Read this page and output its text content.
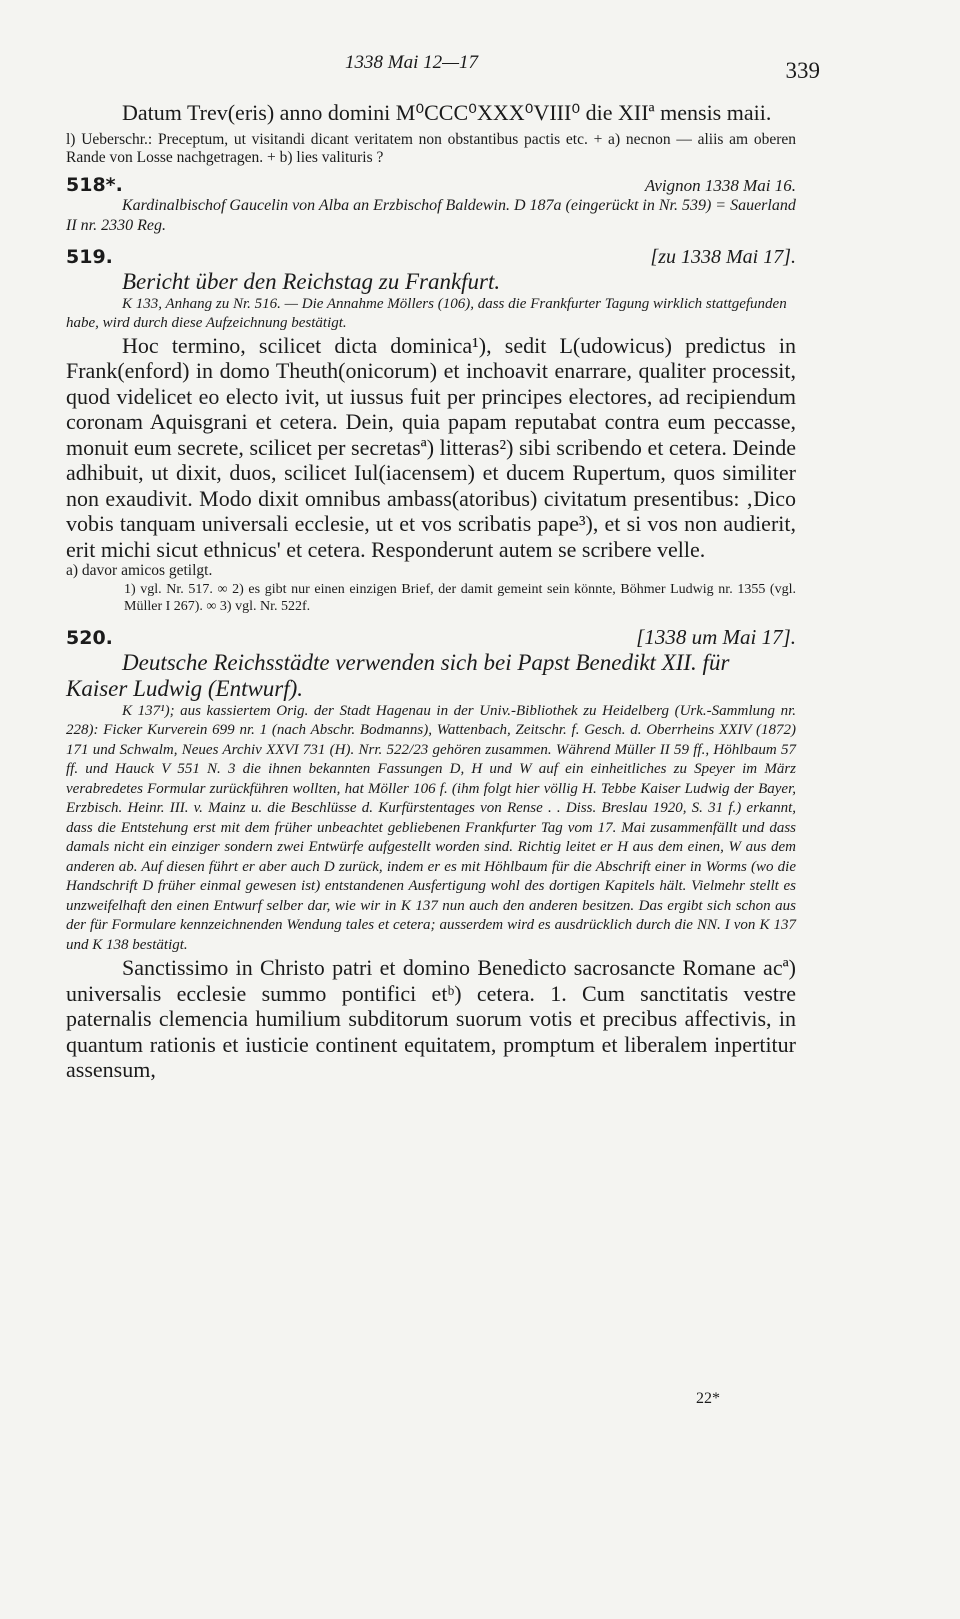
1338 Mai 12—17	339

Datum Trev(eris) anno domini M⁰CCC⁰XXX⁰VIII⁰ die XIIª mensis maii.

l) Ueberschr.: Preceptum, ut visitandi dicant veritatem non obstantibus pactis etc. + a) necnon — aliis am oberen Rande von Losse nachgetragen. + b) lies valituris ?

518*.	Avignon 1338 Mai 16.

Kardinalbischof Gaucelin von Alba an Erzbischof Baldewin. D 187a (eingerückt in Nr. 539) = Sauerland II nr. 2330 Reg.

519.	[zu 1338 Mai 17].

Bericht über den Reichstag zu Frankfurt.

K 133, Anhang zu Nr. 516. — Die Annahme Möllers (106), dass die Frankfurter Tagung wirklich stattgefunden habe, wird durch diese Aufzeichnung bestätigt.

Hoc termino, scilicet dicta dominica¹), sedit L(udowicus) predictus in Frank(enford) in domo Theuth(onicorum) et inchoavit enarrare, qualiter processit, quod videlicet eo electo ivit, ut iussus fuit per principes electores, ad recipiendum coronam Aquisgrani et cetera. Dein, quia papam reputabat contra eum peccasse, monuit eum secrete, scilicet per secretasª) litteras²) sibi scribendo et cetera. Deinde adhibuit, ut dixit, duos, scilicet Iul(iacensem) et ducem Rupertum, quos similiter non exaudivit. Modo dixit omnibus ambass(atoribus) civitatum presentibus: ‚Dico vobis tanquam universali ecclesie, ut et vos scribatis pape³), et si vos non audierit, erit michi sicut ethnicus' et cetera. Responderunt autem se scribere velle.

a) davor amicos getilgt.

1) vgl. Nr. 517. ∞ 2) es gibt nur einen einzigen Brief, der damit gemeint sein könnte, Böhmer Ludwig nr. 1355 (vgl. Müller I 267). ∞ 3) vgl. Nr. 522f.

520.	[1338 um Mai 17].

Deutsche Reichsstädte verwenden sich bei Papst Benedikt XII. für Kaiser Ludwig (Entwurf).

K 137¹); aus kassiertem Orig. der Stadt Hagenau in der Univ.-Bibliothek zu Heidelberg (Urk.-Sammlung nr. 228): Ficker Kurverein 699 nr. 1 (nach Abschr. Bodmanns), Wattenbach, Zeitschr. f. Gesch. d. Oberrheins XXIV (1872) 171 und Schwalm, Neues Archiv XXVI 731 (H). Nrr. 522/23 gehören zusammen. Während Müller II 59 ff., Höhlbaum 57 ff. und Hauck V 551 N. 3 die ihnen bekannten Fassungen D, H und W auf ein einheitliches zu Speyer im März verabredetes Formular zurückführen wollten, hat Möller 106 f. (ihm folgt hier völlig H. Tebbe Kaiser Ludwig der Bayer, Erzbisch. Heinr. III. v. Mainz u. die Beschlüsse d. Kurfürstentages von Rense . . Diss. Breslau 1920, S. 31 f.) erkannt, dass die Entstehung erst mit dem früher unbeachtet gebliebenen Frankfurter Tag vom 17. Mai zusammenfällt und dass damals nicht ein einziger sondern zwei Entwürfe aufgestellt worden sind. Richtig leitet er H aus dem einen, W aus dem anderen ab. Auf diesen führt er aber auch D zurück, indem er es mit Höhlbaum für die Abschrift einer in Worms (wo die Handschrift D früher einmal gewesen ist) entstandenen Ausfertigung wohl des dortigen Kapitels hält. Vielmehr stellt es unzweifelhaft den einen Entwurf selber dar, wie wir in K 137 nun auch den anderen besitzen. Das ergibt sich schon aus der für Formulare kennzeichnenden Wendung tales et cetera; ausserdem wird es ausdrücklich durch die NN. I von K 137 und K 138 bestätigt.

Sanctissimo in Christo patri et domino Benedicto sacrosancte Romane acª) universalis ecclesie summo pontifici etᵇ) cetera. 1. Cum sanctitatis vestre paternalis clemencia humilium subditorum suorum votis et precibus affectivis, in quantum rationis et iusticie continent equitatem, promptum et liberalem inpertitur assensum,

22*
